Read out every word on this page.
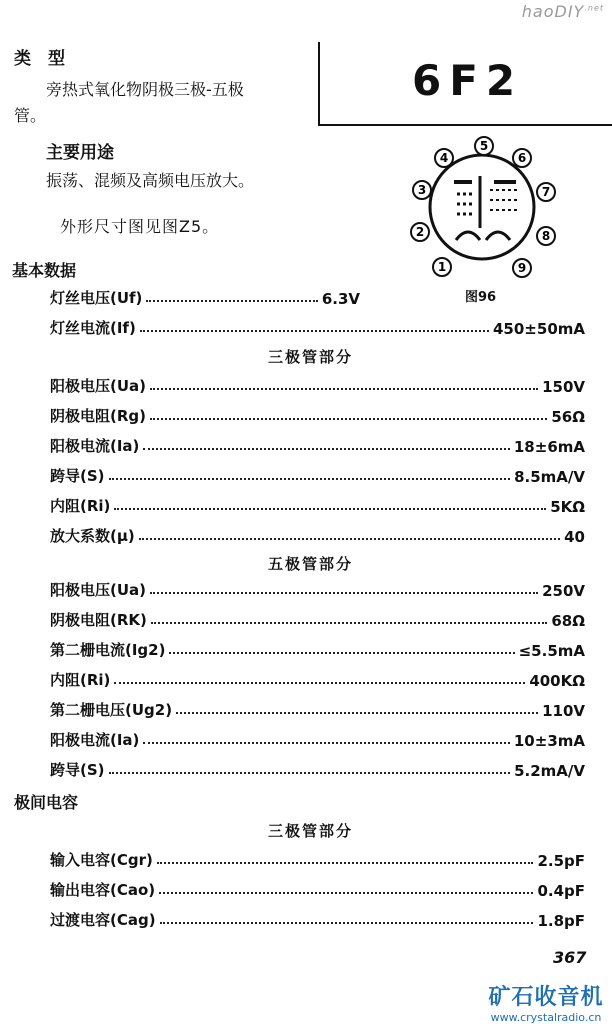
haoDIY$^{.net}$
类　型
旁热式氧化物阴极三极-五极
管。
6F2
主要用途
振荡、混频及高频电压放大。
外形尺寸图见图Z5。
1
2
3
4
5
6
7
8
9
图96
基本数据
灯丝电压(Uf)	6.3V
灯丝电流(If)	450±50mA
三极管部分
阳极电压(Ua)	150V
阴极电阻(Rg)	56Ω
阳极电流(Ia)	18±6mA
跨导(S)	8.5mA/V
内阻(Ri)	5KΩ
放大系数(μ)	40
五极管部分
阳极电压(Ua)	250V
阴极电阻(RK)	68Ω
第二栅电流(Ig2)	≤5.5mA
内阻(Ri)	400KΩ
第二栅电压(Ug2)	110V
阳极电流(Ia)	10±3mA
跨导(S)	5.2mA/V
极间电容
三极管部分
输入电容(Cgr)	2.5pF
输出电容(Cao)	0.4pF
过渡电容(Cag)	1.8pF
367
矿石收音机
www.crystalradio.cn
